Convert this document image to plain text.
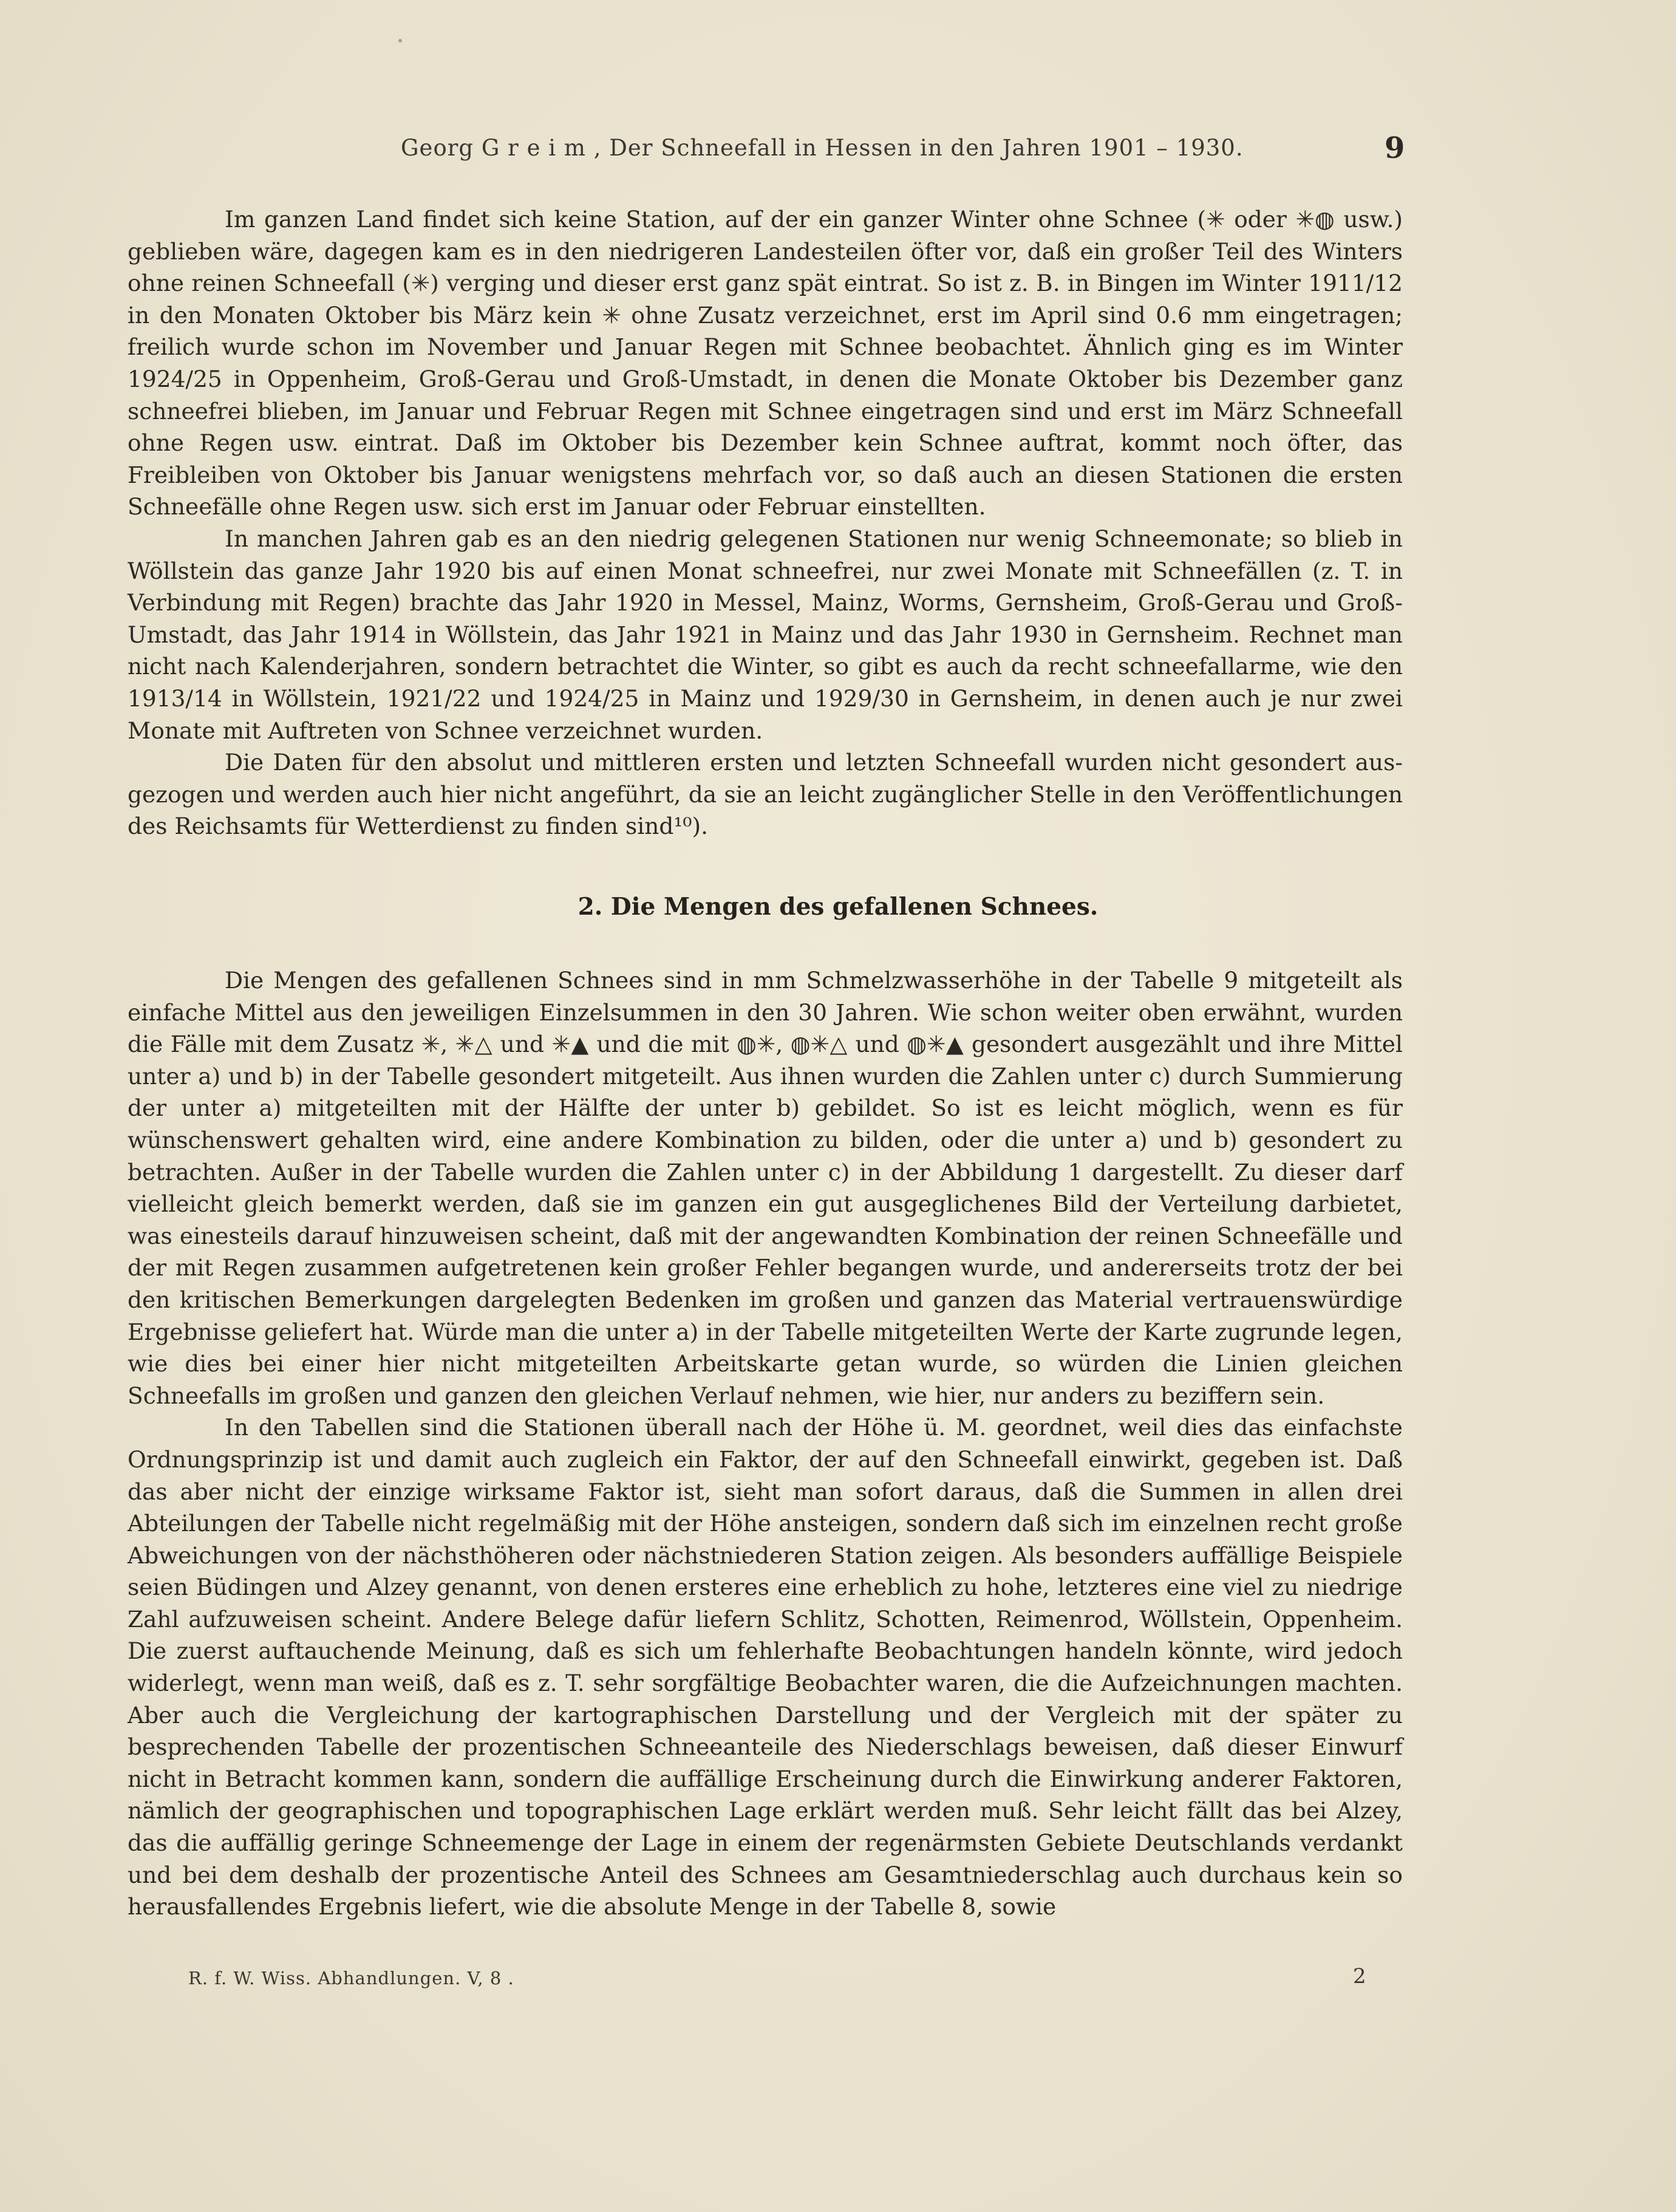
Georg G r e i m , Der Schneefall in Hessen in den Jahren 1901 – 1930.	9

Im ganzen Land findet sich keine Station, auf der ein ganzer Winter ohne Schnee (✳ oder ✳◍ usw.) geblieben wäre, dagegen kam es in den niedrigeren Landesteilen öfter vor, daß ein großer Teil des Winters ohne reinen Schneefall (✳) verging und dieser erst ganz spät eintrat. So ist z. B. in Bingen im Winter 1911/12 in den Monaten Oktober bis März kein ✳ ohne Zusatz verzeichnet, erst im April sind 0.6 mm eingetragen; freilich wurde schon im November und Januar Regen mit Schnee beobachtet. Ähnlich ging es im Winter 1924/25 in Oppenheim, Groß-Gerau und Groß-Umstadt, in denen die Monate Oktober bis Dezember ganz schneefrei blieben, im Januar und Februar Regen mit Schnee eingetragen sind und erst im März Schneefall ohne Regen usw. eintrat. Daß im Oktober bis Dezember kein Schnee auftrat, kommt noch öfter, das Freibleiben von Oktober bis Januar wenigstens mehrfach vor, so daß auch an diesen Stationen die ersten Schneefälle ohne Regen usw. sich erst im Januar oder Februar einstellten.

In manchen Jahren gab es an den niedrig gelegenen Stationen nur wenig Schneemonate; so blieb in Wöllstein das ganze Jahr 1920 bis auf einen Monat schneefrei, nur zwei Monate mit Schneefällen (z. T. in Verbindung mit Regen) brachte das Jahr 1920 in Messel, Mainz, Worms, Gernsheim, Groß-Gerau und Groß-Umstadt, das Jahr 1914 in Wöllstein, das Jahr 1921 in Mainz und das Jahr 1930 in Gernsheim. Rechnet man nicht nach Kalenderjahren, sondern betrachtet die Winter, so gibt es auch da recht schneefallarme, wie den 1913/14 in Wöllstein, 1921/22 und 1924/25 in Mainz und 1929/30 in Gernsheim, in denen auch je nur zwei Monate mit Auftreten von Schnee verzeichnet wurden.

Die Daten für den absolut und mittleren ersten und letzten Schneefall wurden nicht gesondert ausgezogen und werden auch hier nicht angeführt, da sie an leicht zugänglicher Stelle in den Veröffentlichungen des Reichsamts für Wetterdienst zu finden sind¹⁰).

2. Die Mengen des gefallenen Schnees.

Die Mengen des gefallenen Schnees sind in mm Schmelzwasserhöhe in der Tabelle 9 mitgeteilt als einfache Mittel aus den jeweiligen Einzelsummen in den 30 Jahren. Wie schon weiter oben erwähnt, wurden die Fälle mit dem Zusatz ✳, ✳△ und ✳▲ und die mit ◍✳, ◍✳△ und ◍✳▲ gesondert ausgezählt und ihre Mittel unter a) und b) in der Tabelle gesondert mitgeteilt. Aus ihnen wurden die Zahlen unter c) durch Summierung der unter a) mitgeteilten mit der Hälfte der unter b) gebildet. So ist es leicht möglich, wenn es für wünschenswert gehalten wird, eine andere Kombination zu bilden, oder die unter a) und b) gesondert zu betrachten. Außer in der Tabelle wurden die Zahlen unter c) in der Abbildung 1 dargestellt. Zu dieser darf vielleicht gleich bemerkt werden, daß sie im ganzen ein gut ausgeglichenes Bild der Verteilung darbietet, was einesteils darauf hinzuweisen scheint, daß mit der angewandten Kombination der reinen Schneefälle und der mit Regen zusammen aufgetretenen kein großer Fehler begangen wurde, und andererseits trotz der bei den kritischen Bemerkungen dargelegten Bedenken im großen und ganzen das Material vertrauenswürdige Ergebnisse geliefert hat. Würde man die unter a) in der Tabelle mitgeteilten Werte der Karte zugrunde legen, wie dies bei einer hier nicht mitgeteilten Arbeitskarte getan wurde, so würden die Linien gleichen Schneefalls im großen und ganzen den gleichen Verlauf nehmen, wie hier, nur anders zu beziffern sein.

In den Tabellen sind die Stationen überall nach der Höhe ü. M. geordnet, weil dies das einfachste Ordnungsprinzip ist und damit auch zugleich ein Faktor, der auf den Schneefall einwirkt, gegeben ist. Daß das aber nicht der einzige wirksame Faktor ist, sieht man sofort daraus, daß die Summen in allen drei Abteilungen der Tabelle nicht regelmäßig mit der Höhe ansteigen, sondern daß sich im einzelnen recht große Abweichungen von der nächsthöheren oder nächstniederen Station zeigen. Als besonders auffällige Beispiele seien Büdingen und Alzey genannt, von denen ersteres eine erheblich zu hohe, letzteres eine viel zu niedrige Zahl aufzuweisen scheint. Andere Belege dafür liefern Schlitz, Schotten, Reimenrod, Wöllstein, Oppenheim. Die zuerst auftauchende Meinung, daß es sich um fehlerhafte Beobachtungen handeln könnte, wird jedoch widerlegt, wenn man weiß, daß es z. T. sehr sorgfältige Beobachter waren, die die Aufzeichnungen machten. Aber auch die Vergleichung der kartographischen Darstellung und der Vergleich mit der später zu besprechenden Tabelle der prozentischen Schneeanteile des Niederschlags beweisen, daß dieser Einwurf nicht in Betracht kommen kann, sondern die auffällige Erscheinung durch die Einwirkung anderer Faktoren, nämlich der geographischen und topographischen Lage erklärt werden muß. Sehr leicht fällt das bei Alzey, das die auffällig geringe Schneemenge der Lage in einem der regenärmsten Gebiete Deutschlands verdankt und bei dem deshalb der prozentische Anteil des Schnees am Gesamtniederschlag auch durchaus kein so herausfallendes Ergebnis liefert, wie die absolute Menge in der Tabelle 8, sowie

R. f. W. Wiss. Abhandlungen. V, 8 .	2
